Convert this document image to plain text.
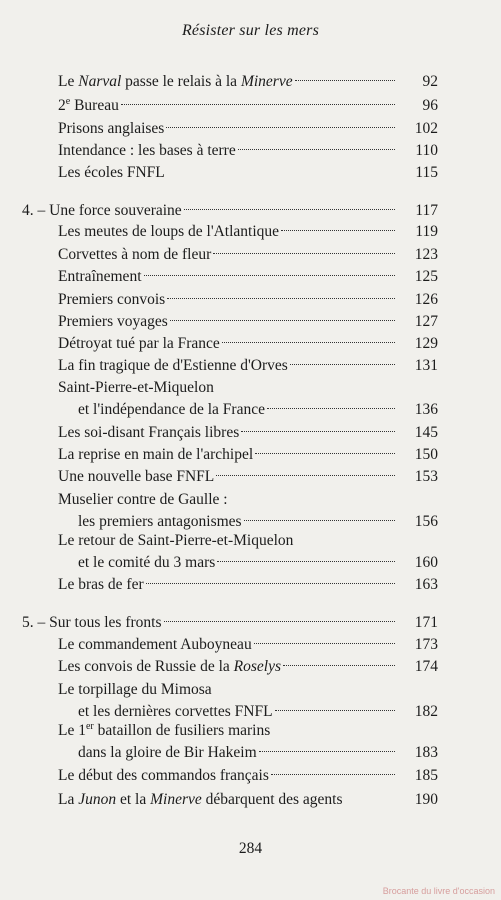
Résister sur les mers
Le Narval passe le relais à la Minerve	92
2e Bureau	96
Prisons anglaises	102
Intendance : les bases à terre	110
Les écoles FNFL	115
4. – Une force souveraine	117
Les meutes de loups de l'Atlantique	119
Corvettes à nom de fleur	123
Entraînement	125
Premiers convois	126
Premiers voyages	127
Détroyat tué par la France	129
La fin tragique de d'Estienne d'Orves	131
Saint-Pierre-et-Miquelon
et l'indépendance de la France	136
Les soi-disant Français libres	145
La reprise en main de l'archipel	150
Une nouvelle base FNFL	153
Muselier contre de Gaulle :
les premiers antagonismes	156
Le retour de Saint-Pierre-et-Miquelon
et le comité du 3 mars	160
Le bras de fer	163
5. – Sur tous les fronts	171
Le commandement Auboyneau	173
Les convois de Russie de la Roselys	174
Le torpillage du Mimosa
et les dernières corvettes FNFL	182
Le 1er bataillon de fusiliers marins
dans la gloire de Bir Hakeim	183
Le début des commandos français	185
La Junon et la Minerve débarquent des agents	190
284
Brocante du livre d'occasion
